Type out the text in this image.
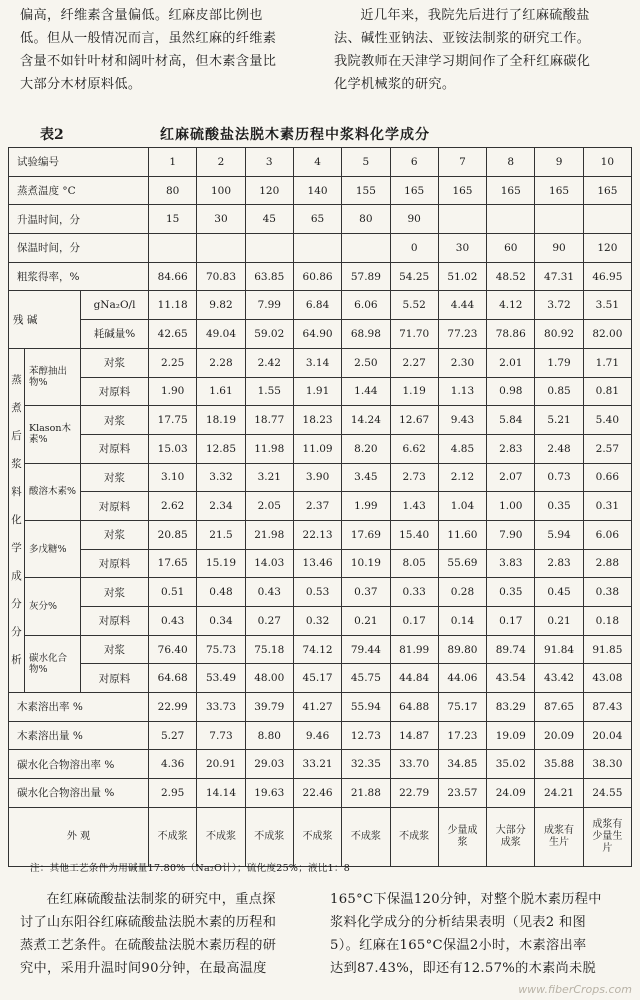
偏高，纤维素含量偏低。红麻皮部比例也

低。但从一般情况而言，虽然红麻的纤维素

含量不如针叶材和阔叶材高，但木素含量比

大部分木材原料低。

近几年来，我院先后进行了红麻硫酸盐

法、碱性亚钠法、亚铵法制浆的研究工作。

我院教师在天津学习期间作了全秆红麻碳化

化学机械浆的研究。

表2	红麻硫酸盐法脱木素历程中浆料化学成分
试验编号			1	2	3	4	5	6	7	8	9	10
蒸煮温度 °C			80	100	120	140	155	165	165	165	165	165
升温时间，分			15	30	45	65	80	90				
保温时间，分								0	30	60	90	120
粗浆得率，%			84.66	70.83	63.85	60.86	57.89	54.25	51.02	48.52	47.31	46.95
残 碱		gNa₂O/l	11.18	9.82	7.99	6.84	6.06	5.52	4.44	4.12	3.72	3.51
		耗碱量%	42.65	49.04	59.02	64.90	68.98	71.70	77.23	78.86	80.92	82.00
蒸煮后浆料化学成分分析	苯醇抽出物%	对浆	2.25	2.28	2.42	3.14	2.50	2.27	2.30	2.01	1.79	1.71
		对原料	1.90	1.61	1.55	1.91	1.44	1.19	1.13	0.98	0.85	0.81
	Klason木素%	对浆	17.75	18.19	18.77	18.23	14.24	12.67	9.43	5.84	5.21	5.40
		对原料	15.03	12.85	11.98	11.09	8.20	6.62	4.85	2.83	2.48	2.57
	酸溶木素%	对浆	3.10	3.32	3.21	3.90	3.45	2.73	2.12	2.07	0.73	0.66
		对原料	2.62	2.34	2.05	2.37	1.99	1.43	1.04	1.00	0.35	0.31
	多戊糖%	对浆	20.85	21.5	21.98	22.13	17.69	15.40	11.60	7.90	5.94	6.06
		对原料	17.65	15.19	14.03	13.46	10.19	8.05	55.69	3.83	2.83	2.88
	灰分%	对浆	0.51	0.48	0.43	0.53	0.37	0.33	0.28	0.35	0.45	0.38
		对原料	0.43	0.34	0.27	0.32	0.21	0.17	0.14	0.17	0.21	0.18
	碳水化合物%	对浆	76.40	75.73	75.18	74.12	79.44	81.99	89.80	89.74	91.84	91.85
		对原料	64.68	53.49	48.00	45.17	45.75	44.84	44.06	43.54	43.42	43.08
木素溶出率 %			22.99	33.73	39.79	41.27	55.94	64.88	75.17	83.29	87.65	87.43
木素溶出量 %			5.27	7.73	8.80	9.46	12.73	14.87	17.23	19.09	20.09	20.04
碳水化合物溶出率 %			4.36	20.91	29.03	33.21	32.35	33.70	34.85	35.02	35.88	38.30
碳水化合物溶出量 %			2.95	14.14	19.63	22.46	21.88	22.79	23.57	24.09	24.21	24.55
外 观			不成浆	不成浆	不成浆	不成浆	不成浆	不成浆	少量成浆	大部分成浆	成浆有生片	成浆有少量生片
注：其他工艺条件为用碱量17.80%（Na₂O计）；硫化度25%；液比1：8

在红麻硫酸盐法制浆的研究中，重点探

讨了山东阳谷红麻硫酸盐法脱木素的历程和

蒸煮工艺条件。在硫酸盐法脱木素历程的研

究中，采用升温时间90分钟，在最高温度

165°C下保温120分钟，对整个脱木素历程中

浆料化学成分的分析结果表明（见表2 和图

5）。红麻在165°C保温2小时，木素溶出率

达到87.43%，即还有12.57%的木素尚未脱

www.fiberCrops.com
